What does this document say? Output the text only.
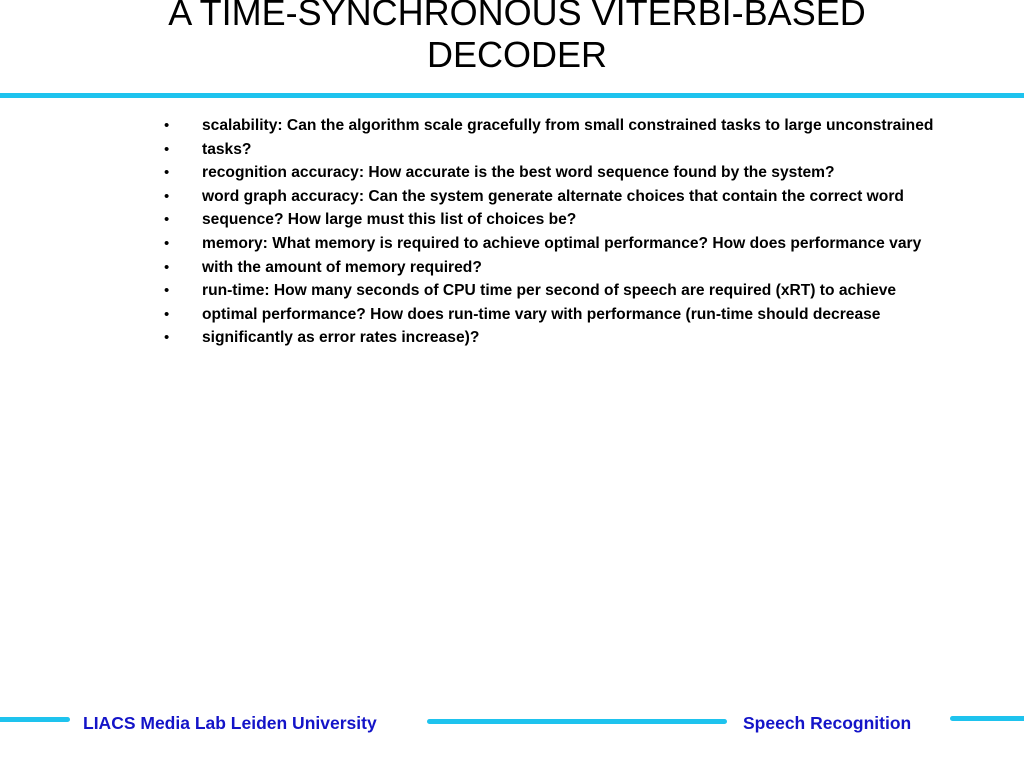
A TIME-SYNCHRONOUS VITERBI-BASED
DECODER
• scalability: Can the algorithm scale gracefully from small constrained tasks to large unconstrained
• tasks?
• recognition accuracy: How accurate is the best word sequence found by the system?
• word graph accuracy: Can the system generate alternate choices that contain the correct word
• sequence? How large must this list of choices be?
• memory: What memory is required to achieve optimal performance? How does performance vary
• with the amount of memory required?
• run-time: How many seconds of CPU time per second of speech are required (xRT) to achieve
• optimal performance? How does run-time vary with performance (run-time should decrease
• significantly as error rates increase)?
LIACS Media Lab Leiden University	Speech Recognition
